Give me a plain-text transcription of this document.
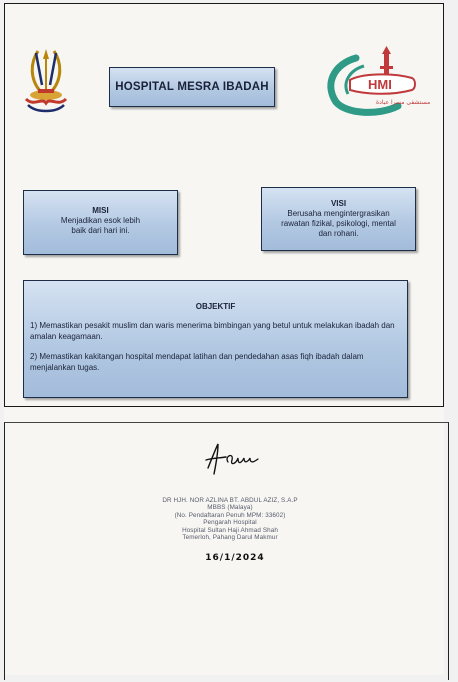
HOSPITAL MESRA IBADAH	HMI
مستشفى مسرا عبادة
MISI
Menjadikan esok lebih baik dari hari ini.
VISI
Berusaha mengintergrasikan rawatan fizikal, psikologi, mental dan rohani.
OBJEKTIF
1) Memastikan pesakit muslim dan waris menerima bimbingan yang betul untuk melakukan ibadah dan amalan keagamaan.
2) Memastikan kakitangan hospital mendapat latihan dan pendedahan asas fiqh ibadah dalam menjalankan tugas.
DR HJH. NOR AZLINA BT. ABDUL AZIZ, S.A.P
MBBS (Malaya)
(No. Pendaftaran Penuh MPM: 33602)
Pengarah Hospital
Hospital Sultan Haji Ahmad Shah
Temerloh, Pahang Darul Makmur
16/1/2024
